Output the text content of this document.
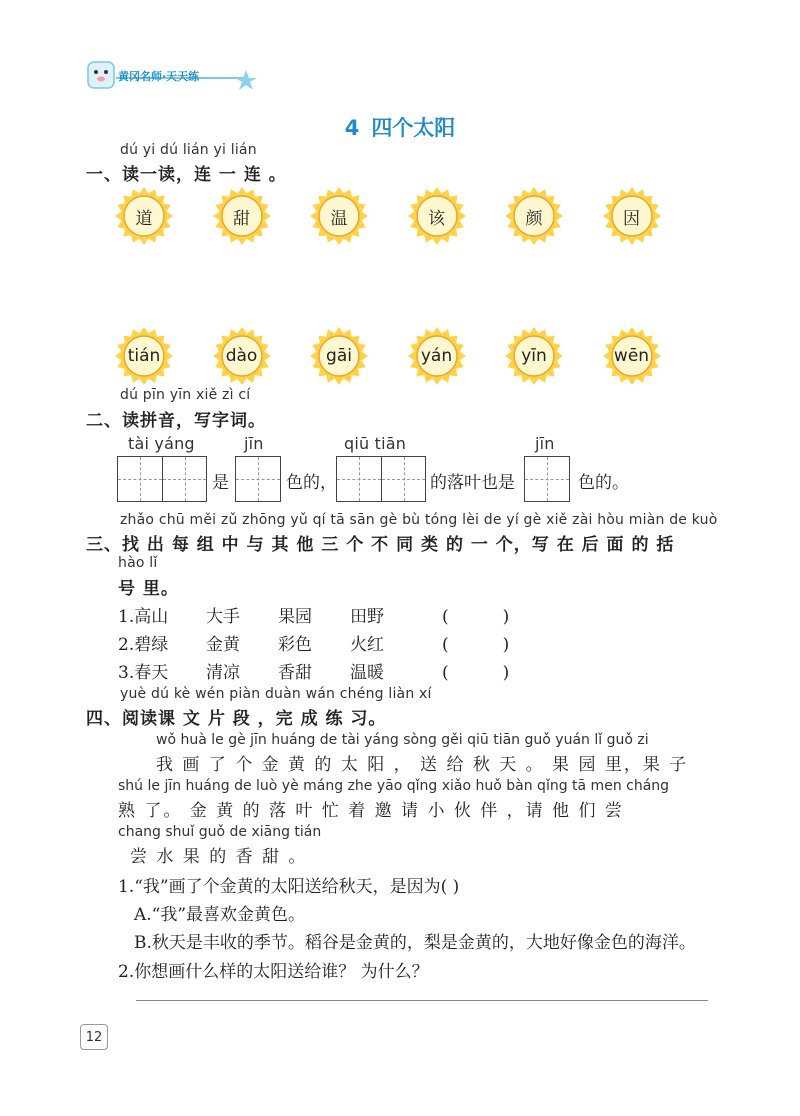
黄冈名师·天天练
4 四个太阳
dú yi dú lián yi lián
一、读一读，连 一 连 。
道	甜	温	该	颜	因
tián	dào	gāi	yán	yīn	wēn
dú pīn yīn xiě zì cí
二、读拼音，写字词。
tài yáng	jīn	qiū tiān	jīn
是	色的，	的落叶也是	色的。
zhǎo chū měi zǔ zhōng yǔ qí tā sān gè bù tóng lèi de yí gè xiě zài hòu miàn de kuò
三、找 出 每 组 中 与 其 他 三 个 不 同 类 的 一 个，写 在 后 面 的 括
hào lǐ
号 里。
1.高山 大手 果园 田野	(          )
2.碧绿 金黄 彩色 火红	(          )
3.春天 清凉 香甜 温暖	(          )
yuè dú kè wén piàn duàn wán chéng liàn xí
四、阅读课 文 片 段 ，完 成 练 习。
wǒ huà le gè jīn huáng de tài yáng sòng gěi qiū tiān guǒ yuán lǐ guǒ zi
我 画 了 个 金 黄 的 太 阳 ， 送 给 秋 天 。 果 园 里，果 子
shú le jīn huáng de luò yè máng zhe yāo qǐng xiǎo huǒ bàn qǐng tā men cháng
熟 了。 金 黄 的 落 叶 忙 着 邀 请 小 伙 伴 ，请 他 们 尝
chang shuǐ guǒ de xiāng tián
尝 水 果 的 香 甜 。
1.“我”画了个金黄的太阳送给秋天，是因为( )
A.“我”最喜欢金黄色。
B.秋天是丰收的季节。稻谷是金黄的，梨是金黄的，大地好像金色的海洋。
2.你想画什么样的太阳送给谁？ 为什么？
12
